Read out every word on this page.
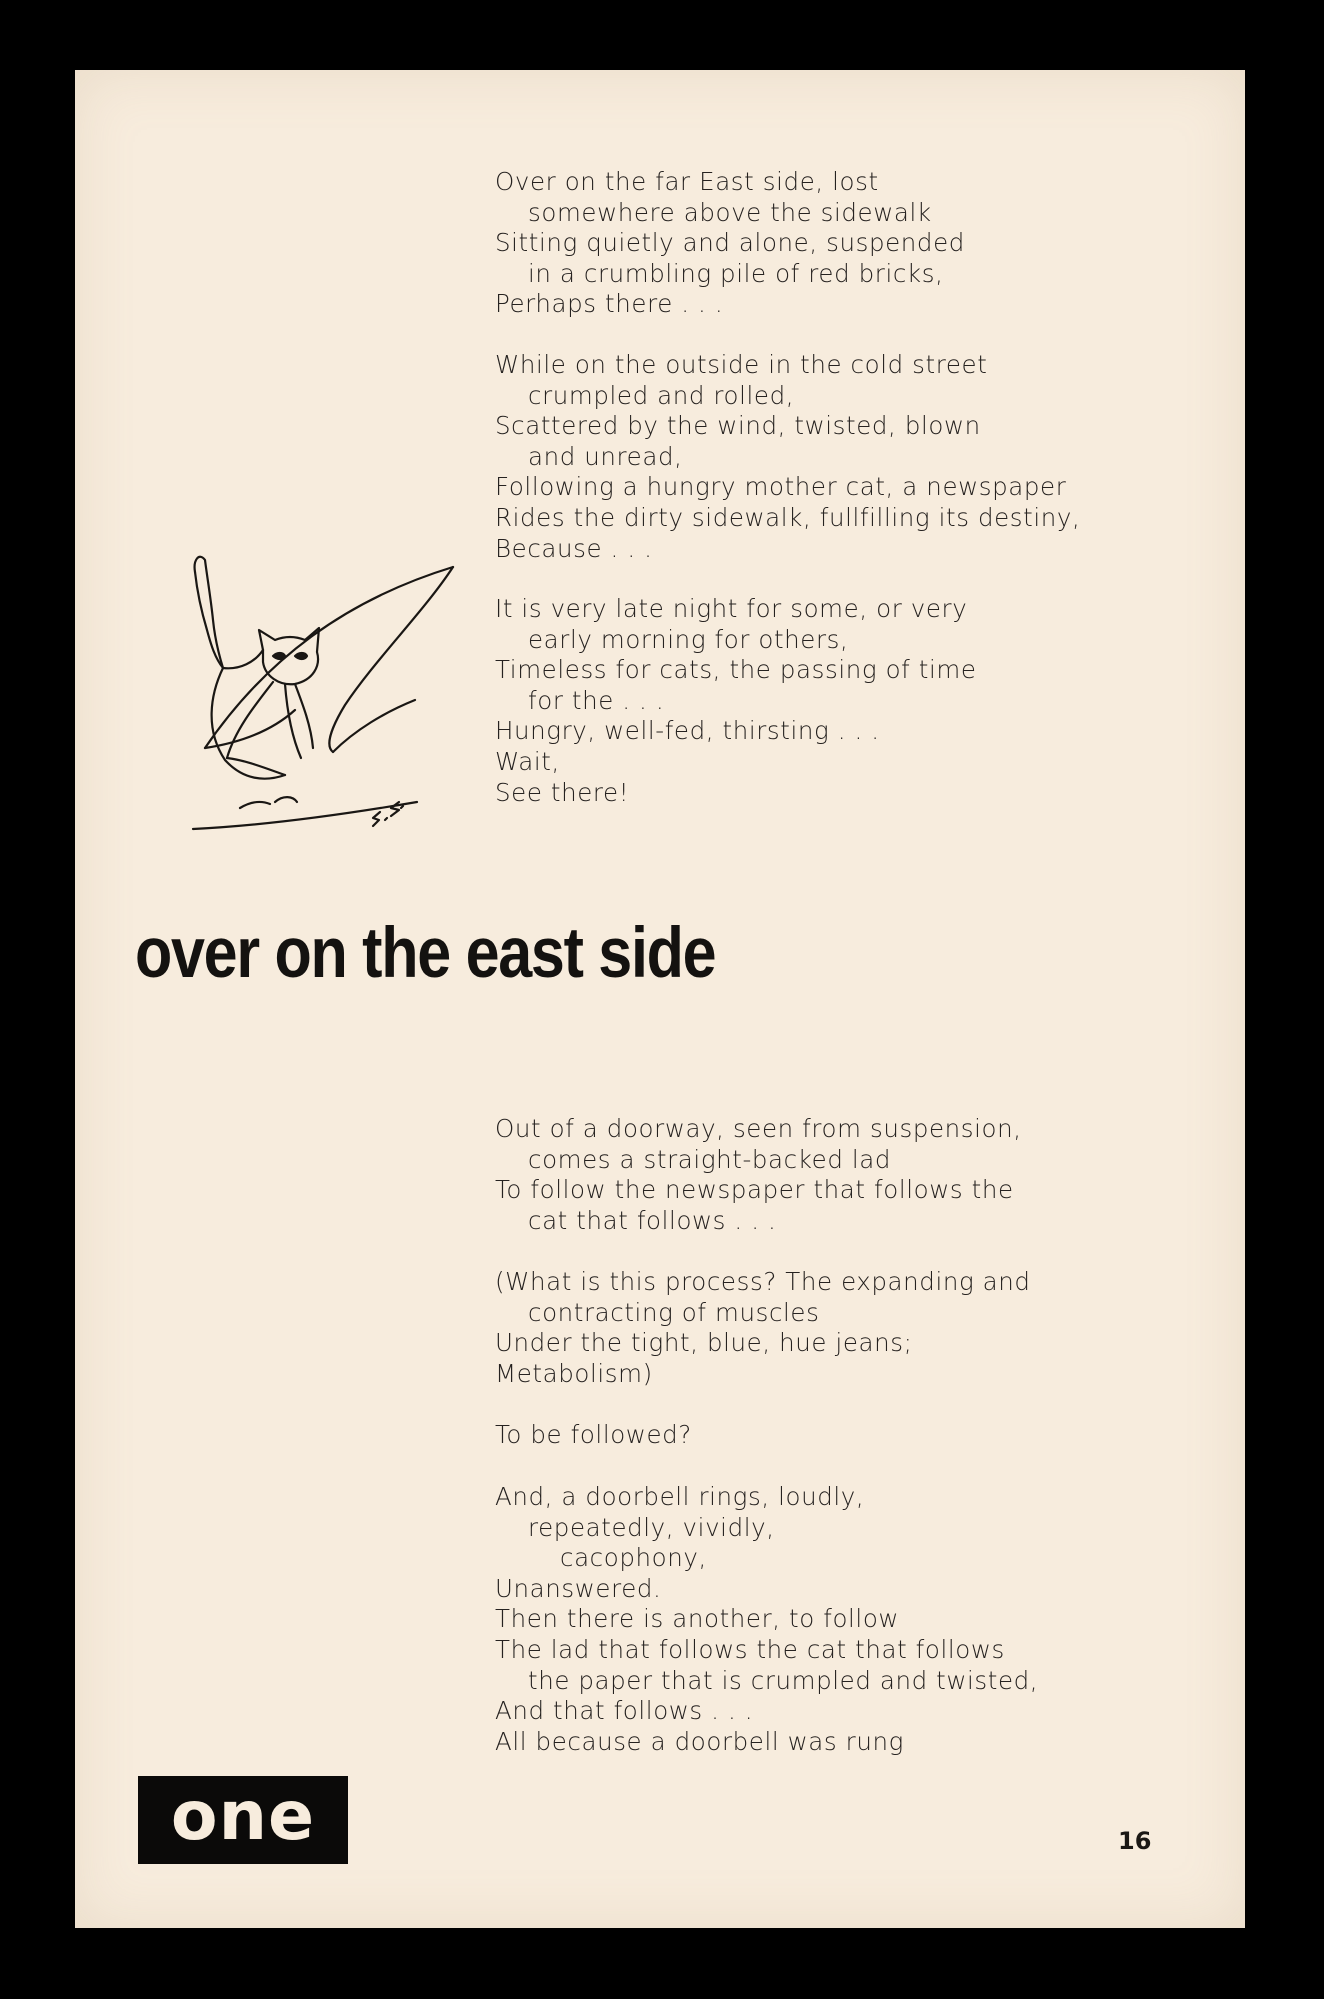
Over on the far East side, lost
somewhere above the sidewalk
Sitting quietly and alone, suspended
in a crumbling pile of red bricks,
Perhaps there . . .
While on the outside in the cold street
crumpled and rolled,
Scattered by the wind, twisted, blown
and unread,
Following a hungry mother cat, a newspaper
Rides the dirty sidewalk, fullfilling its destiny,
Because . . .
It is very late night for some, or very
early morning for others,
Timeless for cats, the passing of time
for the . . .
Hungry, well-fed, thirsting . . .
Wait,
See there!
over on the east side
Out of a doorway, seen from suspension,
comes a straight-backed lad
To follow the newspaper that follows the
cat that follows . . .
(What is this process? The expanding and
contracting of muscles
Under the tight, blue, hue jeans;
Metabolism)
To be followed?
And, a doorbell rings, loudly,
repeatedly, vividly,
cacophony,
Unanswered.
Then there is another, to follow
The lad that follows the cat that follows
the paper that is crumpled and twisted,
And that follows . . .
All because a doorbell was rung
one	16
